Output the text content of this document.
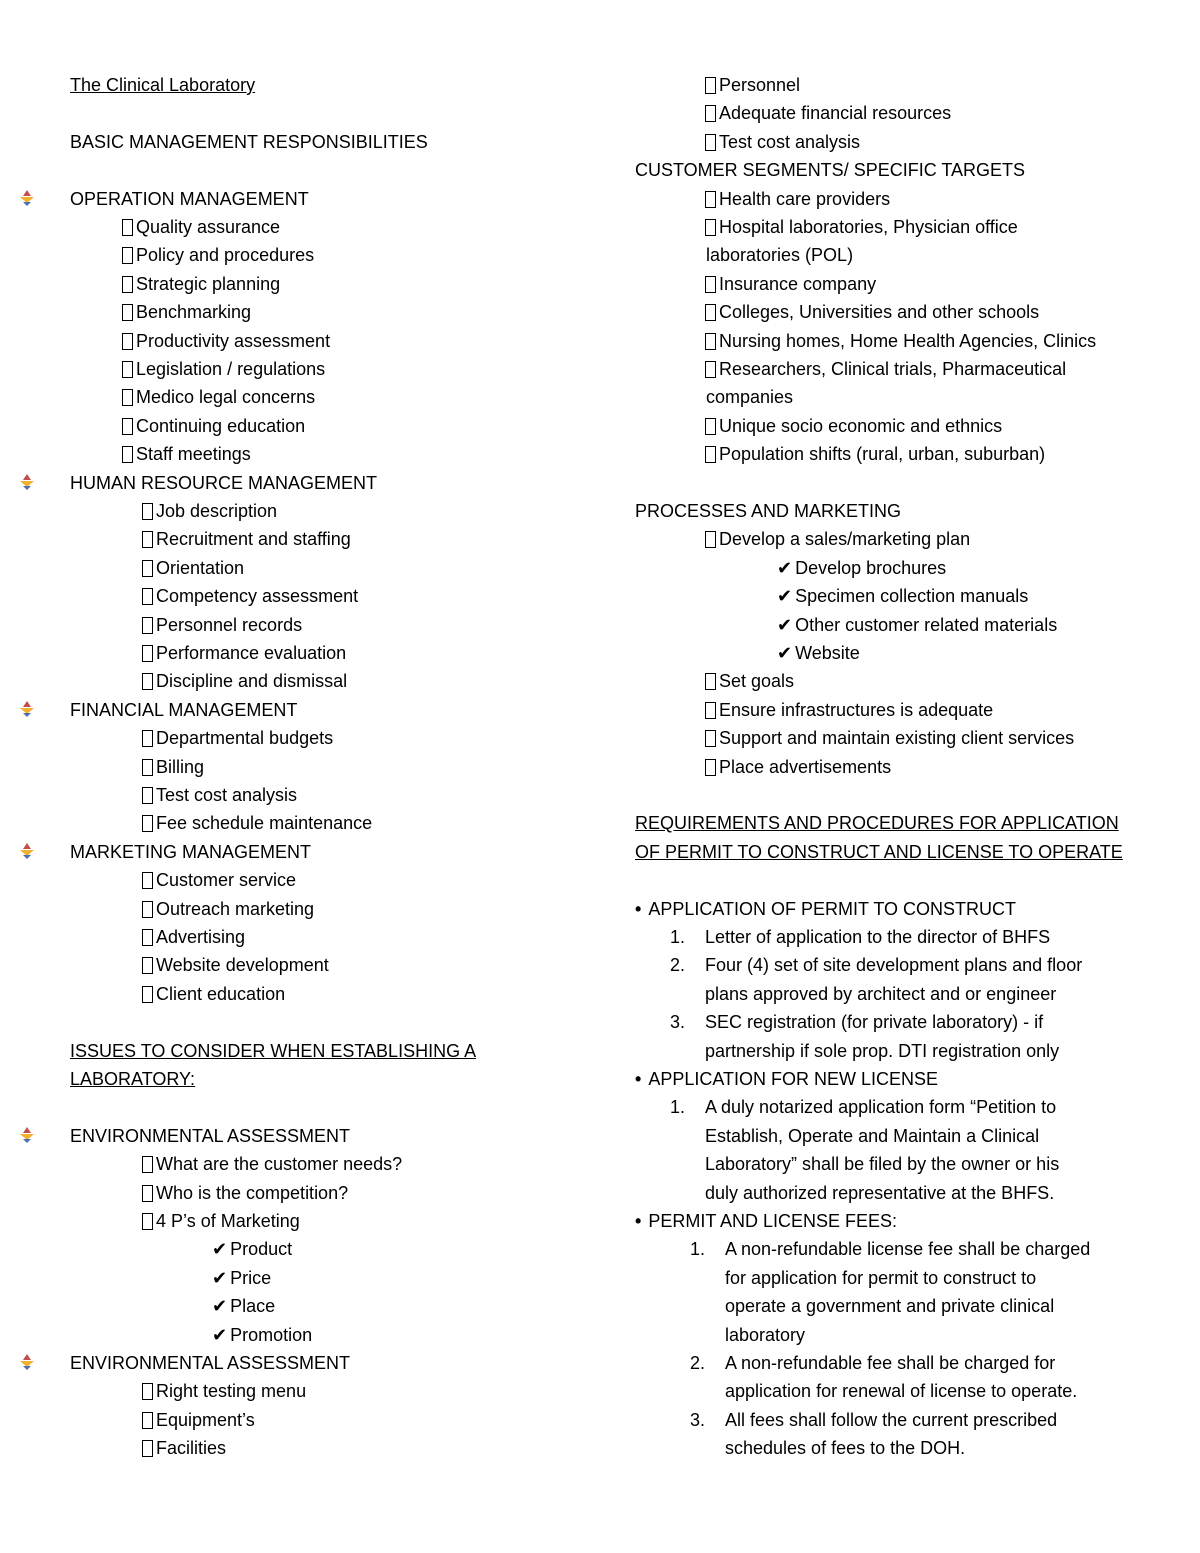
The Clinical Laboratory
BASIC MANAGEMENT RESPONSIBILITIES
OPERATION MANAGEMENT
Quality assurance
Policy and procedures
Strategic planning
Benchmarking
Productivity assessment
Legislation / regulations
Medico legal concerns
Continuing education
Staff meetings
HUMAN RESOURCE MANAGEMENT
Job description
Recruitment and staffing
Orientation
Competency assessment
Personnel records
Performance evaluation
Discipline and dismissal
FINANCIAL MANAGEMENT
Departmental budgets
Billing
Test cost analysis
Fee schedule maintenance
MARKETING MANAGEMENT
Customer service
Outreach marketing
Advertising
Website development
Client education
ISSUES TO CONSIDER WHEN ESTABLISHING A
LABORATORY:
ENVIRONMENTAL ASSESSMENT
What are the customer needs?
Who is the competition?
4 P’s of Marketing
✔ Product
✔ Price
✔ Place
✔ Promotion
ENVIRONMENTAL ASSESSMENT
Right testing menu
Equipment’s
Facilities
Personnel
Adequate financial resources
Test cost analysis
CUSTOMER SEGMENTS/ SPECIFIC TARGETS
Health care providers
Hospital laboratories, Physician office
laboratories (POL)
Insurance company
Colleges, Universities and other schools
Nursing homes, Home Health Agencies, Clinics
Researchers, Clinical trials, Pharmaceutical
companies
Unique socio economic and ethnics
Population shifts (rural, urban, suburban)
PROCESSES AND MARKETING
Develop a sales/marketing plan
✔ Develop brochures
✔ Specimen collection manuals
✔ Other customer related materials
✔ Website
Set goals
Ensure infrastructures is adequate
Support and maintain existing client services
Place advertisements
REQUIREMENTS AND PROCEDURES FOR APPLICATION
OF PERMIT TO CONSTRUCT AND LICENSE TO OPERATE
• APPLICATION OF PERMIT TO CONSTRUCT
1. Letter of application to the director of BHFS
2. Four (4) set of site development plans and floor
plans approved by architect and or engineer
3. SEC registration (for private laboratory) - if
partnership if sole prop. DTI registration only
• APPLICATION FOR NEW LICENSE
1. A duly notarized application form “Petition to
Establish, Operate and Maintain a Clinical
Laboratory” shall be filed by the owner or his
duly authorized representative at the BHFS.
• PERMIT AND LICENSE FEES:
1. A non-refundable license fee shall be charged
for application for permit to construct to
operate a government and private clinical
laboratory
2. A non-refundable fee shall be charged for
application for renewal of license to operate.
3. All fees shall follow the current prescribed
schedules of fees to the DOH.
